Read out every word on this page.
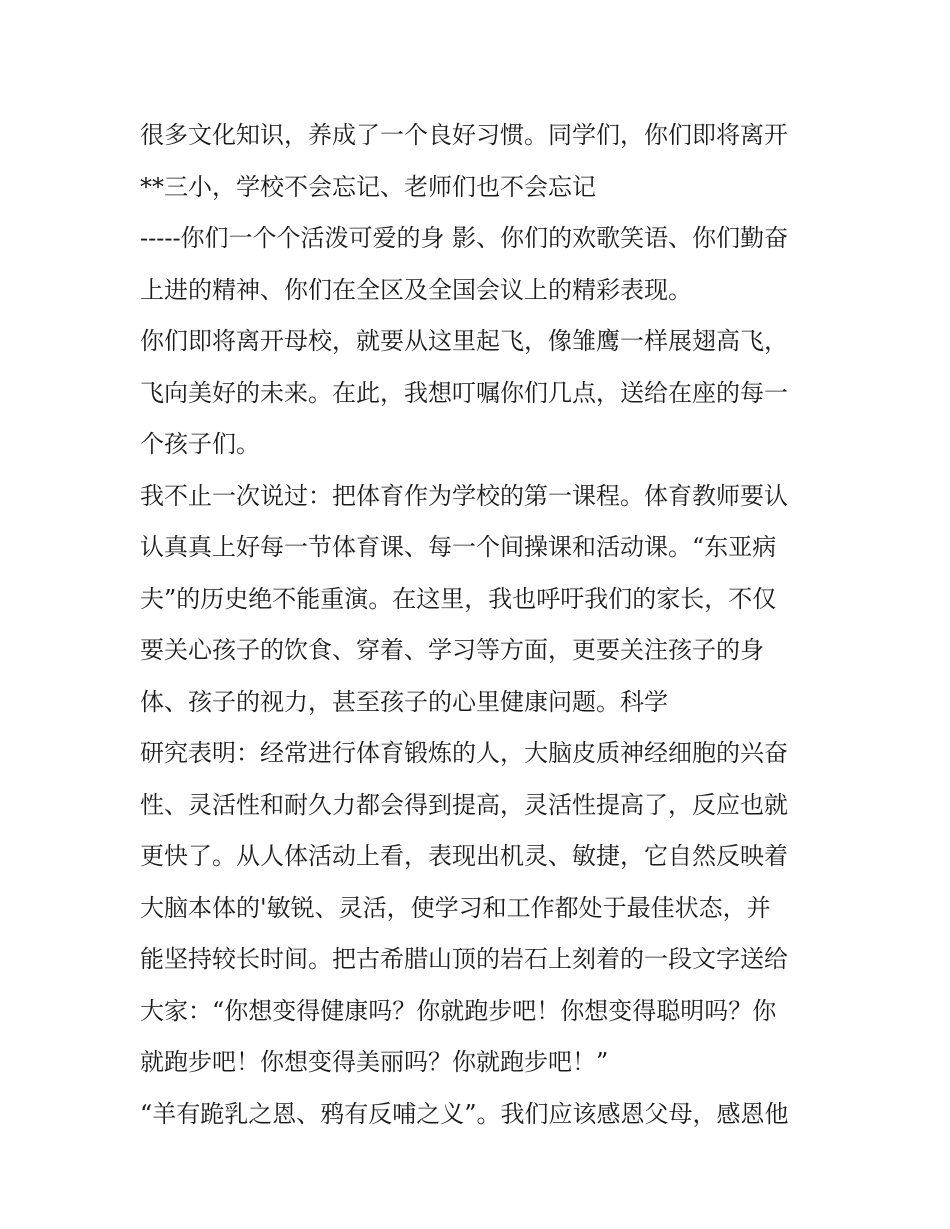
很多文化知识，养成了一个良好习惯。同学们，你们即将离开
**三小，学校不会忘记、老师们也不会忘记
-----你们一个个活泼可爱的身 影、你们的欢歌笑语、你们勤奋
上进的精神、你们在全区及全国会议上的精彩表现。
你们即将离开母校，就要从这里起飞，像雏鹰一样展翅高飞，
飞向美好的未来。在此，我想叮嘱你们几点，送给在座的每一
个孩子们。
我不止一次说过：把体育作为学校的第一课程。体育教师要认
认真真上好每一节体育课、每一个间操课和活动课。“东亚病
夫”的历史绝不能重演。在这里，我也呼吁我们的家长，不仅
要关心孩子的饮食、穿着、学习等方面，更要关注孩子的身
体、孩子的视力，甚至孩子的心里健康问题。科学
研究表明：经常进行体育锻炼的人，大脑皮质神经细胞的兴奋
性、灵活性和耐久力都会得到提高，灵活性提高了，反应也就
更快了。从人体活动上看，表现出机灵、敏捷，它自然反映着
大脑本体的'敏锐、灵活，使学习和工作都处于最佳状态，并
能坚持较长时间。把古希腊山顶的岩石上刻着的一段文字送给
大家：“你想变得健康吗？你就跑步吧！你想变得聪明吗？你
就跑步吧！你想变得美丽吗？你就跑步吧！”
“羊有跪乳之恩、鸦有反哺之义”。我们应该感恩父母，感恩他
